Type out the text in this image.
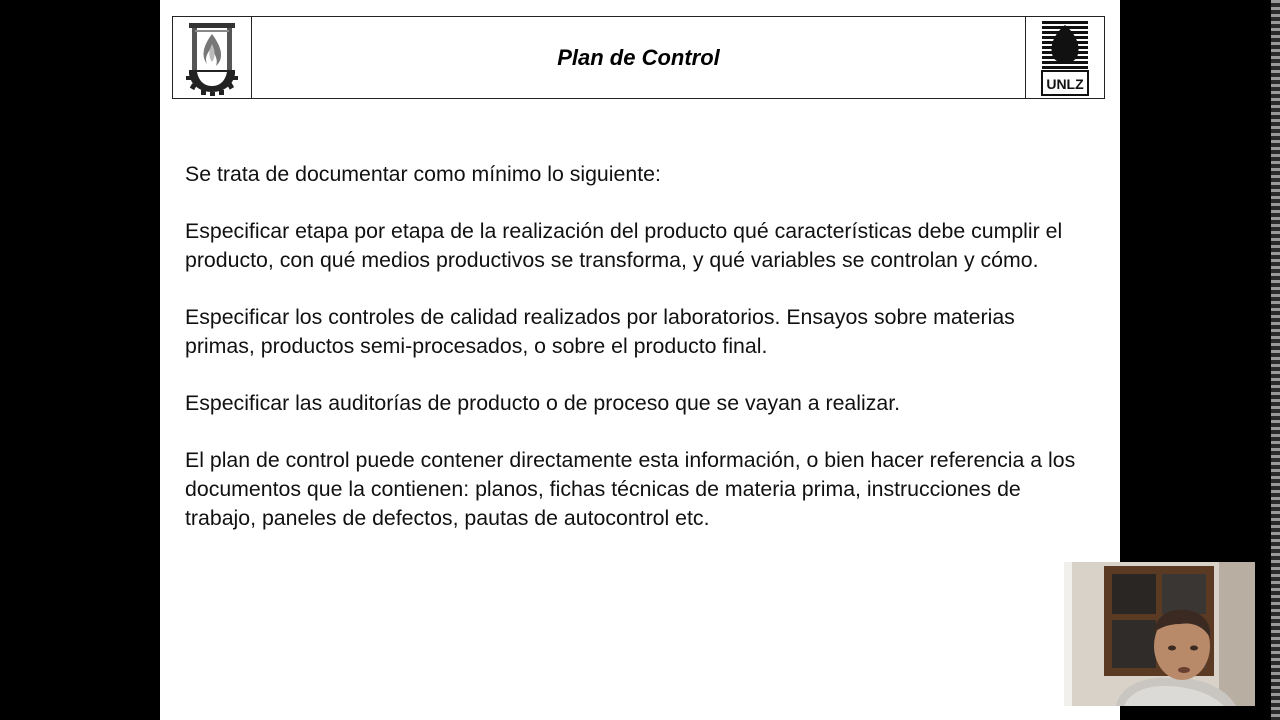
Plan de Control
UNLZ

Se trata de documentar como mínimo lo siguiente:

Especificar etapa por etapa de la realización del producto qué características debe cumplir el producto, con qué medios productivos se transforma, y qué variables se controlan y cómo.

Especificar los controles de calidad realizados por laboratorios. Ensayos sobre materias primas, productos semi-procesados, o sobre el producto final.

Especificar las auditorías de producto o de proceso que se vayan a realizar.

El plan de control puede contener directamente esta información, o bien hacer referencia a los documentos que la contienen: planos, fichas técnicas de materia prima, instrucciones de trabajo, paneles de defectos, pautas de autocontrol etc.
